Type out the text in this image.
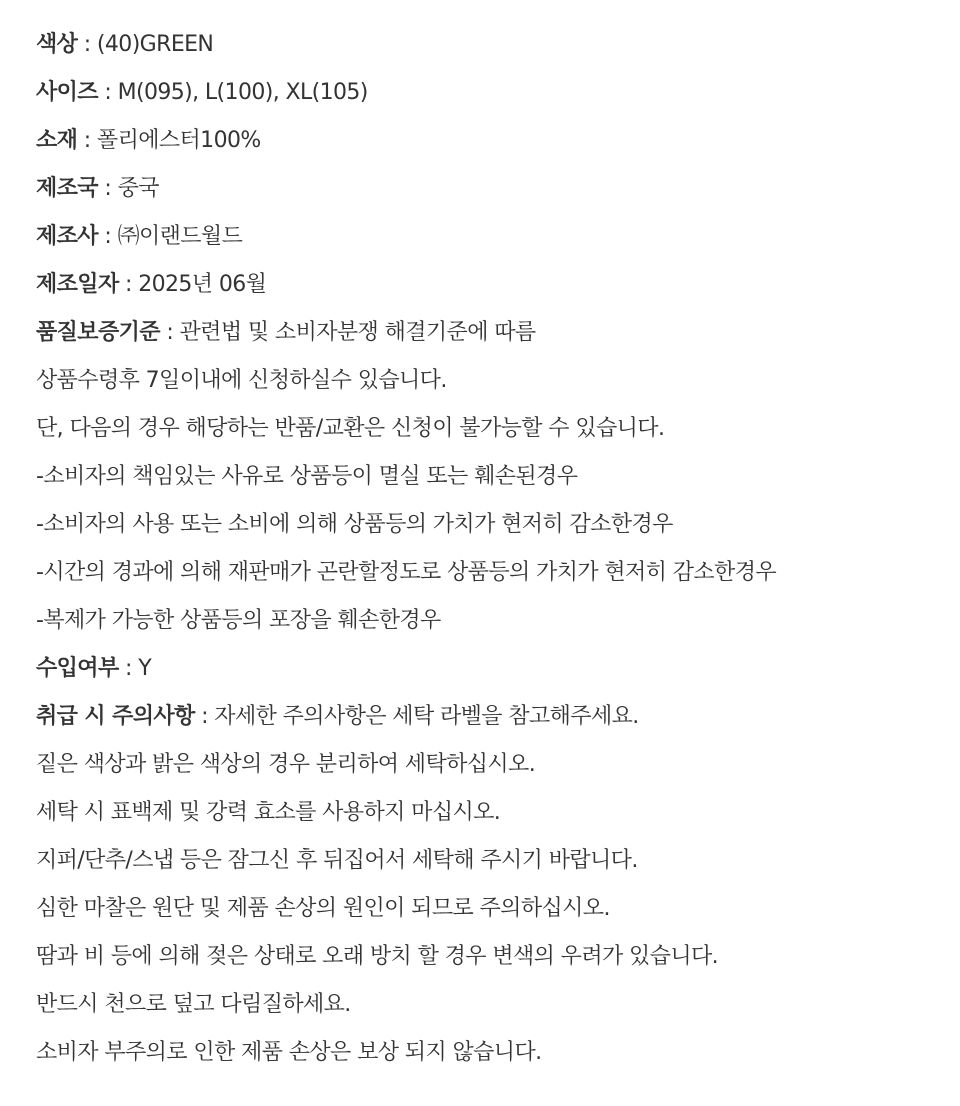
색상 : (40)GREEN
사이즈 : M(095), L(100), XL(105)
소재 : 폴리에스터100%
제조국 : 중국
제조사 : ㈜이랜드월드
제조일자 : 2025년 06월
품질보증기준 : 관련법 및 소비자분쟁 해결기준에 따름
상품수령후 7일이내에 신청하실수 있습니다.
단, 다음의 경우 해당하는 반품/교환은 신청이 불가능할 수 있습니다.
-소비자의 책임있는 사유로 상품등이 멸실 또는 훼손된경우
-소비자의 사용 또는 소비에 의해 상품등의 가치가 현저히 감소한경우
-시간의 경과에 의해 재판매가 곤란할정도로 상품등의 가치가 현저히 감소한경우
-복제가 가능한 상품등의 포장을 훼손한경우
수입여부 : Y
취급 시 주의사항 : 자세한 주의사항은 세탁 라벨을 참고해주세요.
짙은 색상과 밝은 색상의 경우 분리하여 세탁하십시오.
세탁 시 표백제 및 강력 효소를 사용하지 마십시오.
지퍼/단추/스냅 등은 잠그신 후 뒤집어서 세탁해 주시기 바랍니다.
심한 마찰은 원단 및 제품 손상의 원인이 되므로 주의하십시오.
땀과 비 등에 의해 젖은 상태로 오래 방치 할 경우 변색의 우려가 있습니다.
반드시 천으로 덮고 다림질하세요.
소비자 부주의로 인한 제품 손상은 보상 되지 않습니다.
